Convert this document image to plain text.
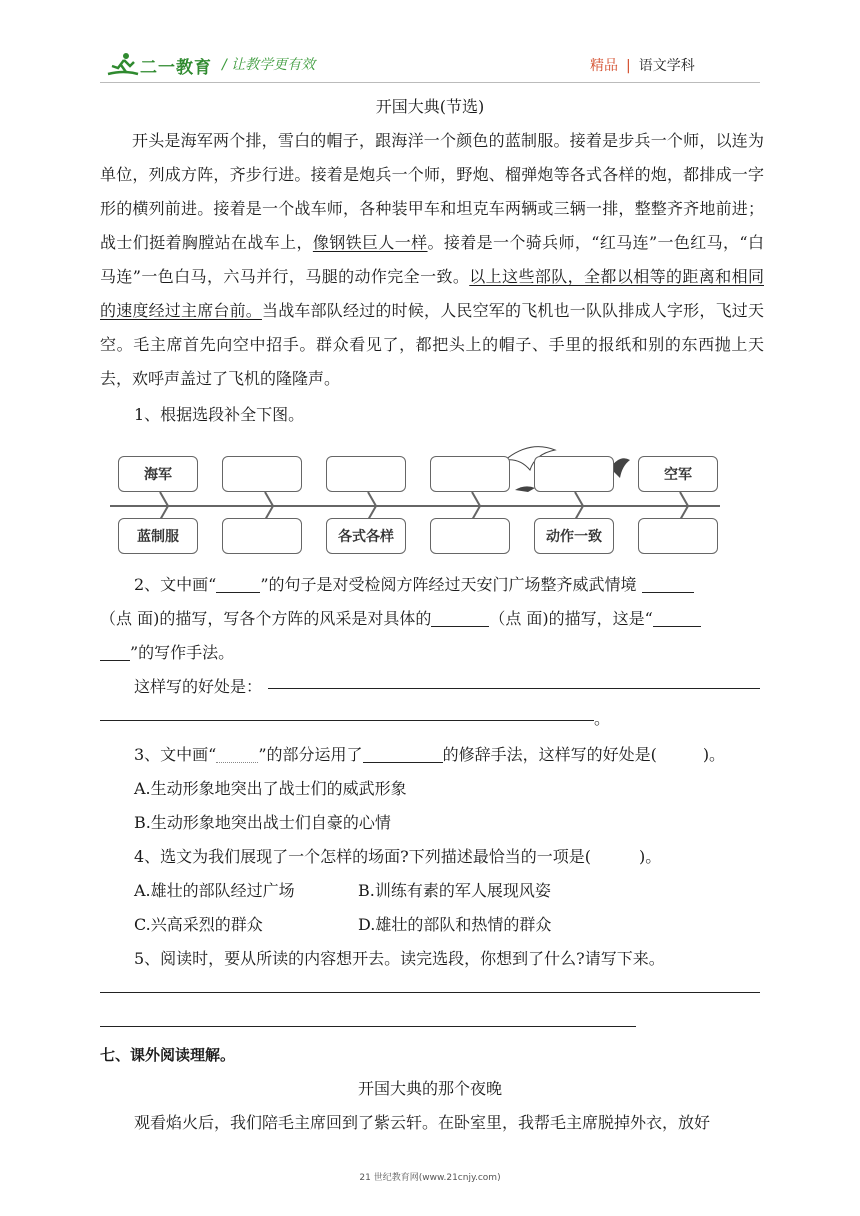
二一教育 / 让教学更有效	精品 | 语文学科
开国大典(节选)
开头是海军两个排，雪白的帽子，跟海洋一个颜色的蓝制服。接着是步兵一个师，以连为单位，列成方阵，齐步行进。接着是炮兵一个师，野炮、榴弹炮等各式各样的炮，都排成一字形的横列前进。接着是一个战车师，各种装甲车和坦克车两辆或三辆一排，整整齐齐地前进；战士们挺着胸膛站在战车上，像钢铁巨人一样。接着是一个骑兵师，“红马连”一色红马，“白马连”一色白马，六马并行，马腿的动作完全一致。以上这些部队，全都以相等的距离和相同的速度经过主席台前。当战车部队经过的时候，人民空军的飞机也一队队排成人字形，飞过天空。毛主席首先向空中招手。群众看见了，都把头上的帽子、手里的报纸和别的东西抛上天去，欢呼声盖过了飞机的隆隆声。
1、根据选段补全下图。
海军	空军
蓝制服	各式各样	动作一致
2、文中画“	”的句子是对受检阅方阵经过天安门广场整齐威武情境
（点 面)的描写，写各个方阵的风采是对具体的	（点 面)的描写，这是“
”的写作手法。
这样写的好处是：
。
3、文中画“	”的部分运用了	的修辞手法，这样写的好处是(	)。
A.生动形象地突出了战士们的威武形象
B.生动形象地突出战士们自豪的心情
4、选文为我们展现了一个怎样的场面?下列描述最恰当的一项是(	)。
A.雄壮的部队经过广场	B.训练有素的军人展现风姿
C.兴高采烈的群众	D.雄壮的部队和热情的群众
5、阅读时，要从所读的内容想开去。读完选段，你想到了什么?请写下来。
七、课外阅读理解。
开国大典的那个夜晚
观看焰火后，我们陪毛主席回到了紫云轩。在卧室里，我帮毛主席脱掉外衣，放好
21 世纪教育网(www.21cnjy.com)
